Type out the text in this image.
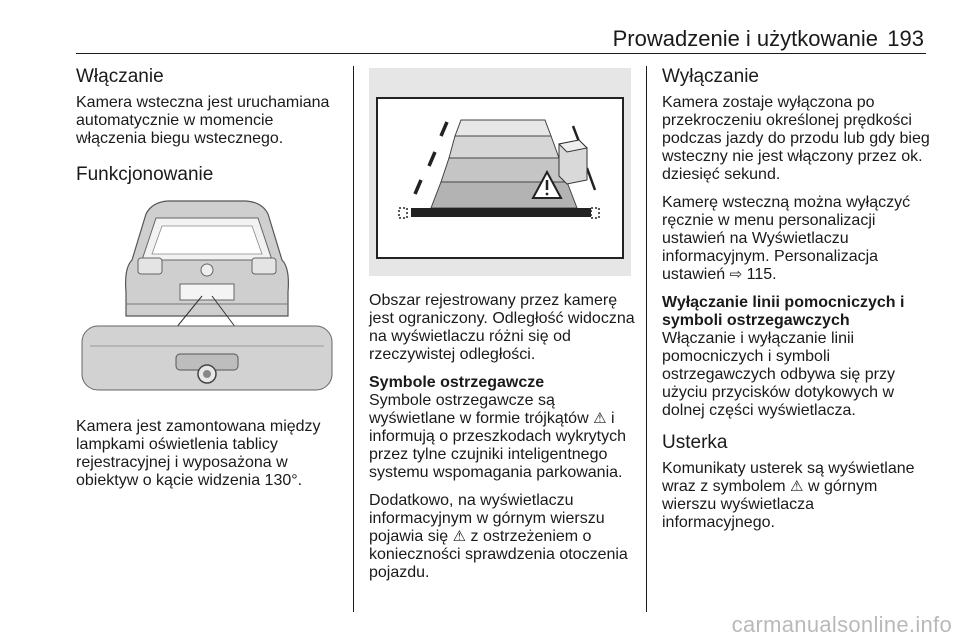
Prowadzenie i użytkowanie 193
Włączanie

Kamera wsteczna jest uruchamiana automatycznie w momencie włączenia biegu wstecznego.

Funkcjonowanie

Kamera jest zamontowana między lampkami oświetlenia tablicy rejestracyjnej i wyposażona w obiektyw o kącie widzenia 130°.

Obszar rejestrowany przez kamerę jest ograniczony. Odległość widoczna na wyświetlaczu różni się od rzeczywistej odległości.

Symbole ostrzegawcze

Symbole ostrzegawcze są wyświetlane w formie trójkątów ⚠ i informują o przeszkodach wykrytych przez tylne czujniki inteligentnego systemu wspomagania parkowania.

Dodatkowo, na wyświetlaczu informacyjnym w górnym wierszu pojawia się ⚠ z ostrzeżeniem o konieczności sprawdzenia otoczenia pojazdu.

Wyłączanie

Kamera zostaje wyłączona po przekroczeniu określonej prędkości podczas jazdy do przodu lub gdy bieg wsteczny nie jest włączony przez ok. dziesięć sekund.

Kamerę wsteczną można wyłączyć ręcznie w menu personalizacji ustawień na Wyświetlaczu informacyjnym. Personalizacja ustawień ⇨ 115.

Wyłączanie linii pomocniczych i symboli ostrzegawczych

Włączanie i wyłączanie linii pomocniczych i symboli ostrzegawczych odbywa się przy użyciu przycisków dotykowych w dolnej części wyświetlacza.

Usterka

Komunikaty usterek są wyświetlane wraz z symbolem ⚠ w górnym wierszu wyświetlacza informacyjnego.

carmanualsonline.info
